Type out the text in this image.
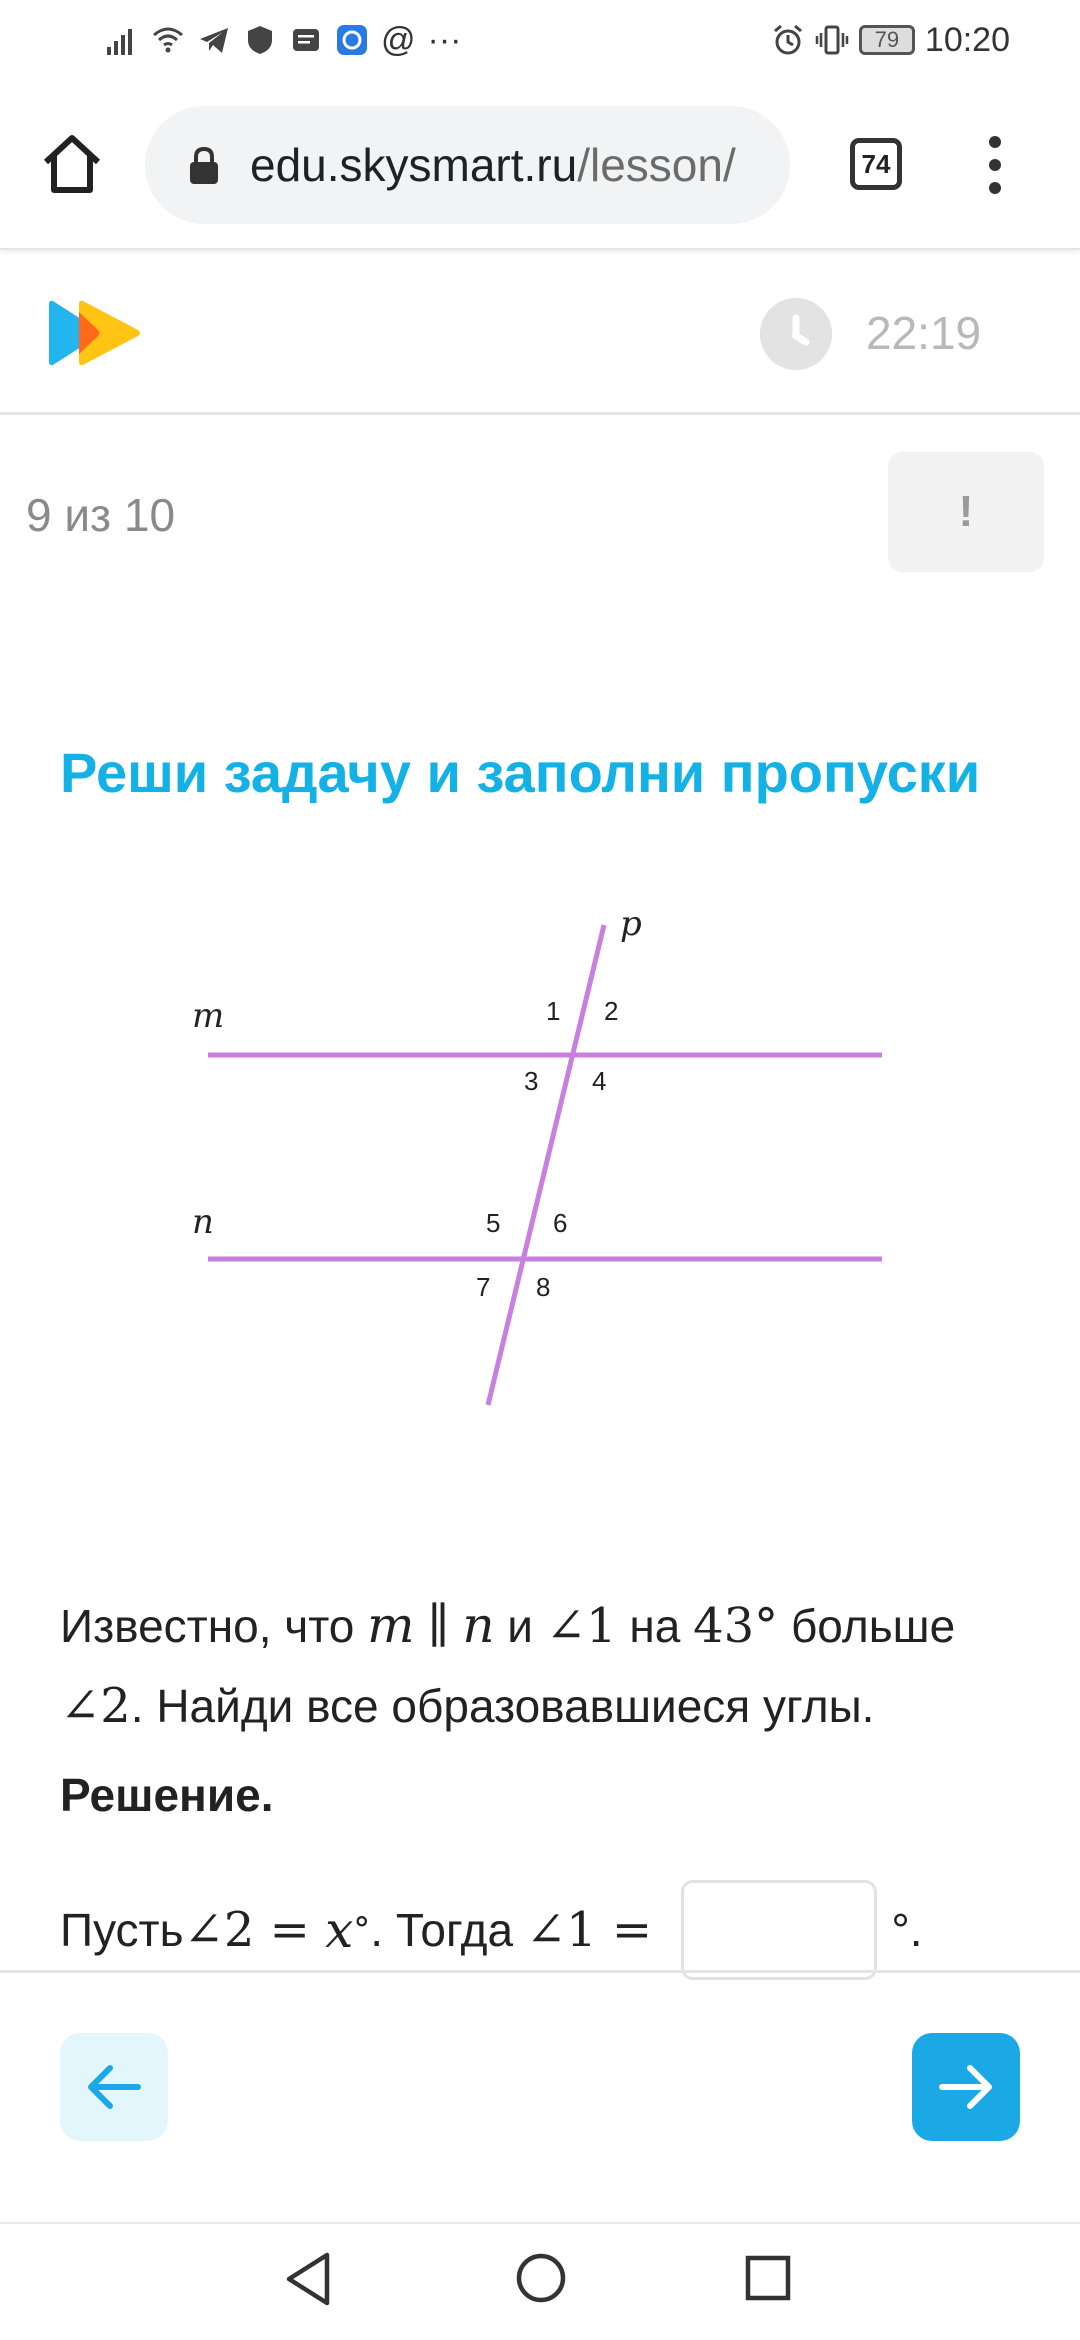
@ ···	79 10:20
edu.skysmart.ru/lesson/	74
22:19
9 из 10	!
Реши задачу и заполни пропуски
m
n
p
1 2
3 4
5 6
7 8
Известно, что m ∥ n и ∠1 на 43° больше ∠2. Найди все образовавшиеся углы.
Решение.
Пусть ∠2 = x ° . Тогда ∠1 =	°.
